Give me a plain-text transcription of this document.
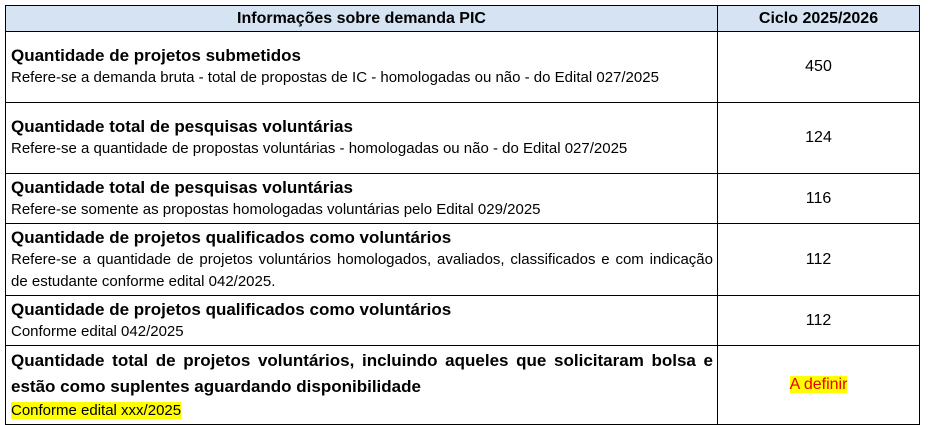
Informações sobre demanda PIC	Ciclo 2025/2026

Quantidade de projetos submetidos
Refere-se a demanda bruta - total de propostas de IC - homologadas ou não - do Edital 027/2025	450

Quantidade total de pesquisas voluntárias
Refere-se a quantidade de propostas voluntárias - homologadas ou não - do Edital 027/2025	124

Quantidade total de pesquisas voluntárias
Refere-se somente as propostas homologadas voluntárias pelo Edital 029/2025	116

Quantidade de projetos qualificados como voluntários
Refere-se a quantidade de projetos voluntários homologados, avaliados, classificados e com indicação de estudante conforme edital 042/2025.	112

Quantidade de projetos qualificados como voluntários
Conforme edital 042/2025	112

Quantidade total de projetos voluntários, incluindo aqueles que solicitaram bolsa e estão como suplentes aguardando disponibilidade
Conforme edital xxx/2025	A definir
